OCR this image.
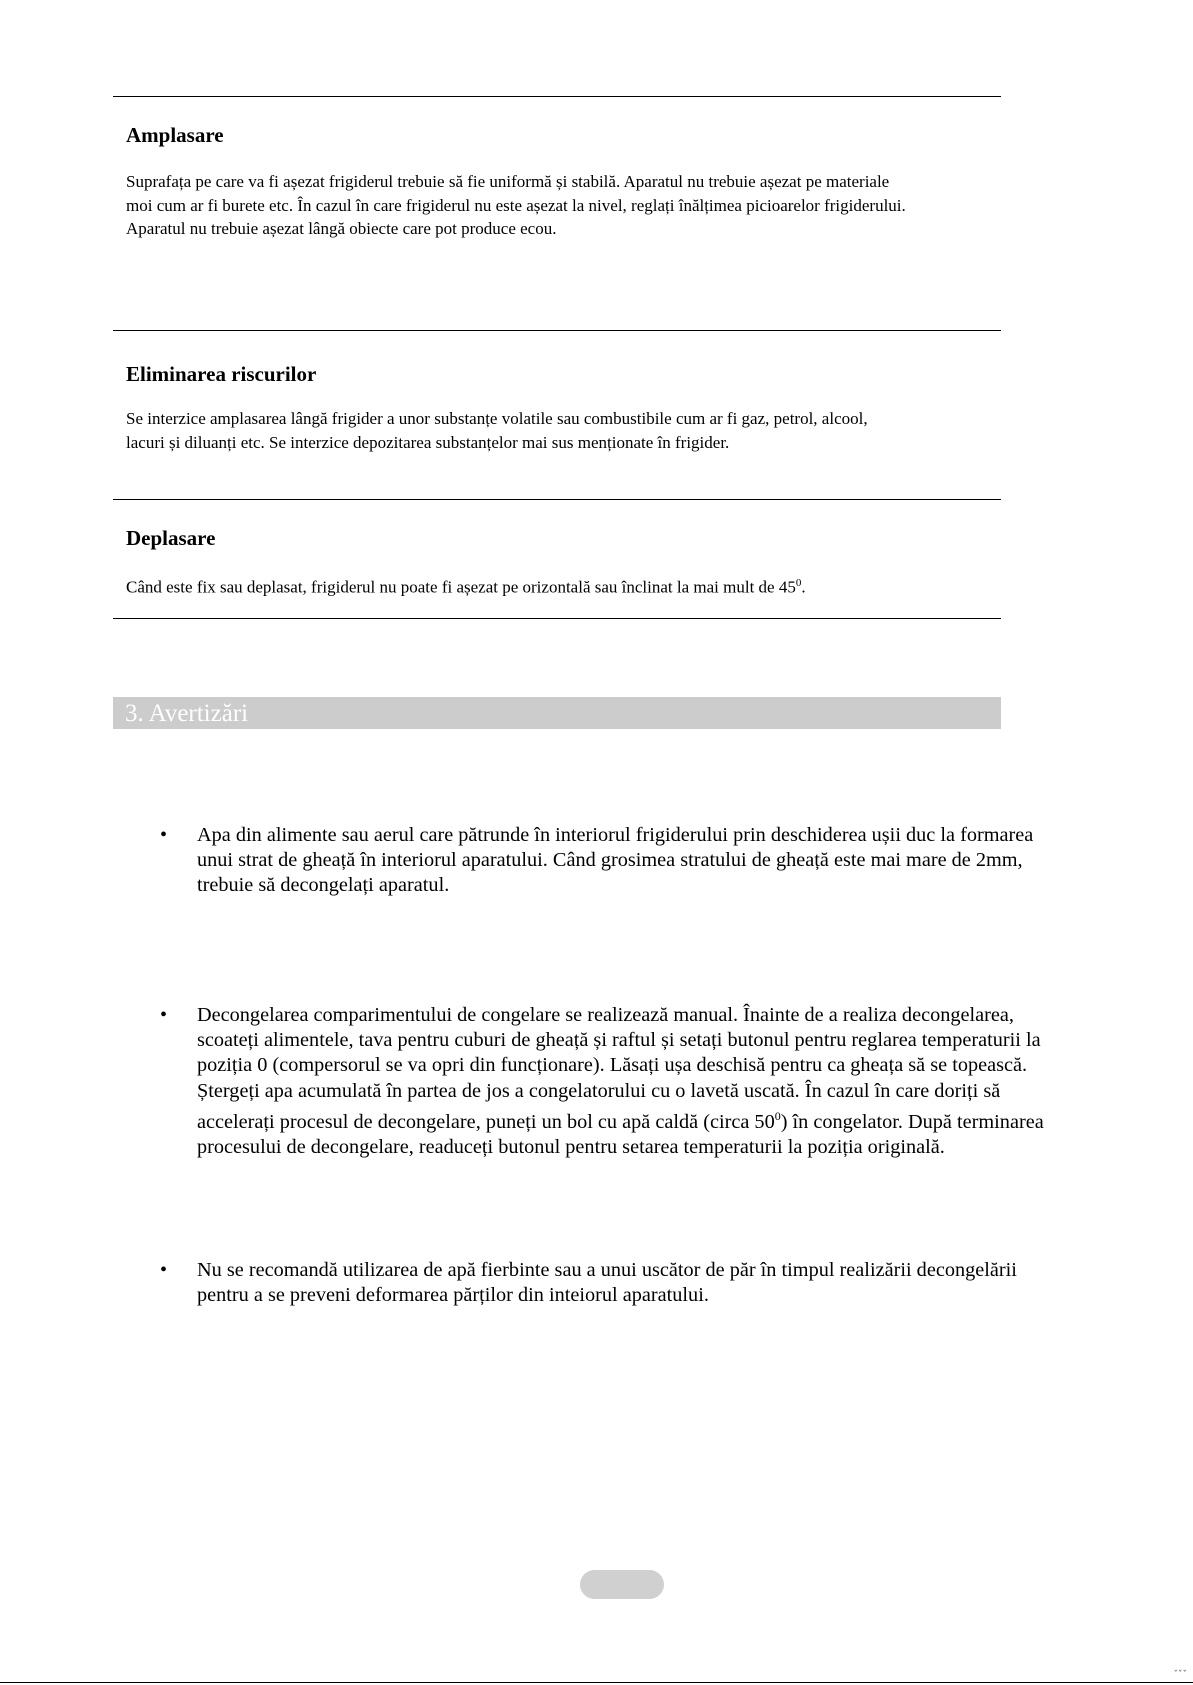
Amplasare

Suprafața pe care va fi așezat frigiderul trebuie să fie uniformă și stabilă. Aparatul nu trebuie așezat pe materiale moi cum ar fi burete etc. În cazul în care frigiderul nu este așezat la nivel, reglați înălțimea picioarelor frigiderului. Aparatul nu trebuie așezat lângă obiecte care pot produce ecou.

Eliminarea riscurilor

Se interzice amplasarea lângă frigider a unor substanțe volatile sau combustibile cum ar fi gaz, petrol, alcool, lacuri și diluanți etc. Se interzice depozitarea substanțelor mai sus menționate în frigider.

Deplasare

Când este fix sau deplasat, frigiderul nu poate fi așezat pe orizontală sau înclinat la mai mult de $45^0$.

3. Avertizări
• Apa din alimente sau aerul care pătrunde în interiorul frigiderului prin deschiderea ușii duc la formarea unui strat de gheață în interiorul aparatului. Când grosimea stratului de gheață este mai mare de 2mm, trebuie să decongelați aparatul.

• Decongelarea comparimentului de congelare se realizează manual. Înainte de a realiza decongelarea, scoateți alimentele, tava pentru cuburi de gheață și raftul și setați butonul pentru reglarea temperaturii la poziția 0 (compersorul se va opri din funcționare). Lăsați ușa deschisă pentru ca gheața să se topească. Ștergeți apa acumulată în partea de jos a congelatorului cu o lavetă uscată. În cazul în care doriți să accelerați procesul de decongelare, puneți un bol cu apă caldă (circa $50^0$) în congelator. După terminarea procesului de decongelare, readuceți butonul pentru setarea temperaturii la poziția originală.

• Nu se recomandă utilizarea de apă fierbinte sau a unui uscător de păr în timpul realizării decongelării pentru a se preveni deformarea părților din inteiorul aparatului.

ˇˇˇ
